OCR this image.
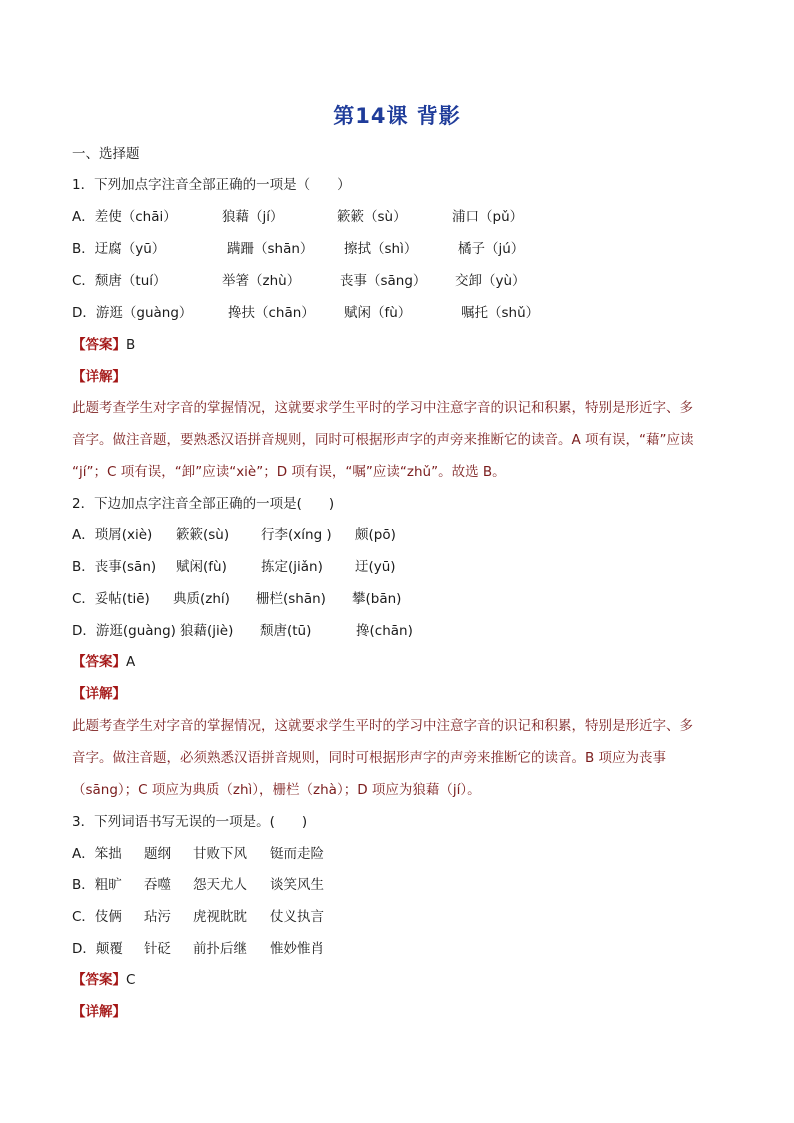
第14课 背影
一、选择题
1．下列加点字注音全部正确的一项是（　　）
A．差使（chāi）	狼藉（jí）	簌簌（sù）	浦口（pǔ）
B．迂腐（yū）	蹒跚（shān） 擦拭（shì）	橘子（jú）
C．颓唐（tuí）	举箸（zhù）	丧事（sāng） 交卸（yù）
D．游逛（guàng）	搀扶（chān） 赋闲（fù）	嘱托（shǔ）
【答案】B
【详解】
此题考查学生对字音的掌握情况，这就要求学生平时的学习中注意字音的识记和积累，特别是形近字、多
音字。做注音题，要熟悉汉语拼音规则，同时可根据形声字的声旁来推断它的读音。A 项有误，“藉”应读
“jí”；C 项有误，“卸”应读“xiè”；D 项有误，“嘱”应读“zhǔ”。故选 B。
2．下边加点字注音全部正确的一项是(　　)
A．琐屑(xiè) 簌簌(sù) 行李(xíng ) 颇(pō)
B．丧事(sān) 赋闲(fù)	拣定(jiǎn) 迂(yū)
C．妥帖(tiē) 典质(zhí) 栅栏(shān) 攀(bān)
D．游逛(guàng) 狼藉(jiè) 颓唐(tū)	搀(chān)
【答案】A
【详解】
此题考查学生对字音的掌握情况，这就要求学生平时的学习中注意字音的识记和积累，特别是形近字、多
音字。做注音题，必须熟悉汉语拼音规则，同时可根据形声字的声旁来推断它的读音。B 项应为丧事
（sāng）；C 项应为典质（zhì），栅栏（zhà）；D 项应为狼藉（jí）。
3．下列词语书写无误的一项是。(　　)
A．笨拙 题纲 甘败下风 铤而走险
B．粗旷 吞噬 怨天尤人 谈笑风生
C．伎俩 玷污 虎视眈眈 仗义执言
D．颠覆 针砭 前扑后继 惟妙惟肖
【答案】C
【详解】
